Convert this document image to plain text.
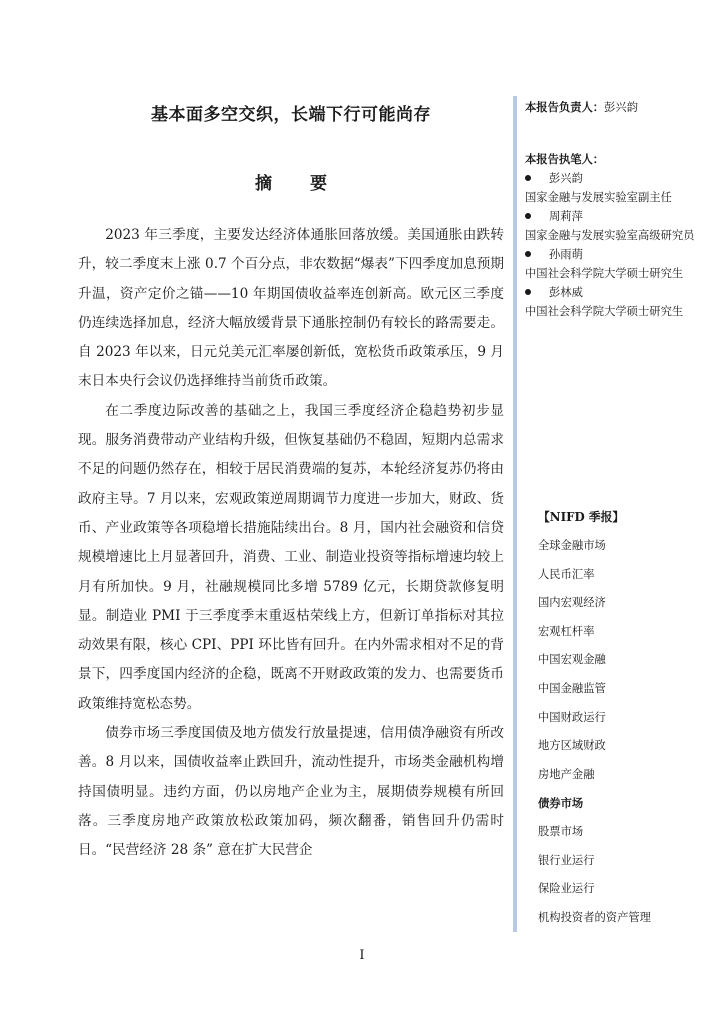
基本面多空交织，长端下行可能尚存
摘 要

2023 年三季度，主要发达经济体通胀回落放缓。美国通胀由跌转升，较二季度末上涨 0.7 个百分点，非农数据“爆表”下四季度加息预期升温，资产定价之锚——10 年期国债收益率连创新高。欧元区三季度仍连续选择加息，经济大幅放缓背景下通胀控制仍有较长的路需要走。自 2023 年以来，日元兑美元汇率屡创新低，宽松货币政策承压，9 月末日本央行会议仍选择维持当前货币政策。

在二季度边际改善的基础之上，我国三季度经济企稳趋势初步显现。服务消费带动产业结构升级，但恢复基础仍不稳固，短期内总需求不足的问题仍然存在，相较于居民消费端的复苏，本轮经济复苏仍将由政府主导。7 月以来，宏观政策逆周期调节力度进一步加大，财政、货币、产业政策等各项稳增长措施陆续出台。8 月，国内社会融资和信贷规模增速比上月显著回升，消费、工业、制造业投资等指标增速均较上月有所加快。9 月，社融规模同比多增 5789 亿元，长期贷款修复明显。制造业 PMI 于三季度季末重返枯荣线上方，但新订单指标对其拉动效果有限，核心 CPI、PPI 环比皆有回升。在内外需求相对不足的背景下，四季度国内经济的企稳，既离不开财政政策的发力、也需要货币政策维持宽松态势。

债券市场三季度国债及地方债发行放量提速，信用债净融资有所改善。8 月以来，国债收益率止跌回升，流动性提升，市场类金融机构增持国债明显。违约方面，仍以房地产企业为主，展期债券规模有所回落。三季度房地产政策放松政策加码，频次翻番，销售回升仍需时日。“民营经济 28 条” 意在扩大民营企

本报告负责人：彭兴韵
本报告执笔人：
彭兴韵
国家金融与发展实验室副主任
周莉萍
国家金融与发展实验室高级研究员
孙雨萌
中国社会科学院大学硕士研究生
彭林威
中国社会科学院大学硕士研究生
【NIFD 季报】
全球金融市场
人民币汇率
国内宏观经济
宏观杠杆率
中国宏观金融
中国金融监管
中国财政运行
地方区域财政
房地产金融
债券市场
股票市场
银行业运行
保险业运行
机构投资者的资产管理
I
